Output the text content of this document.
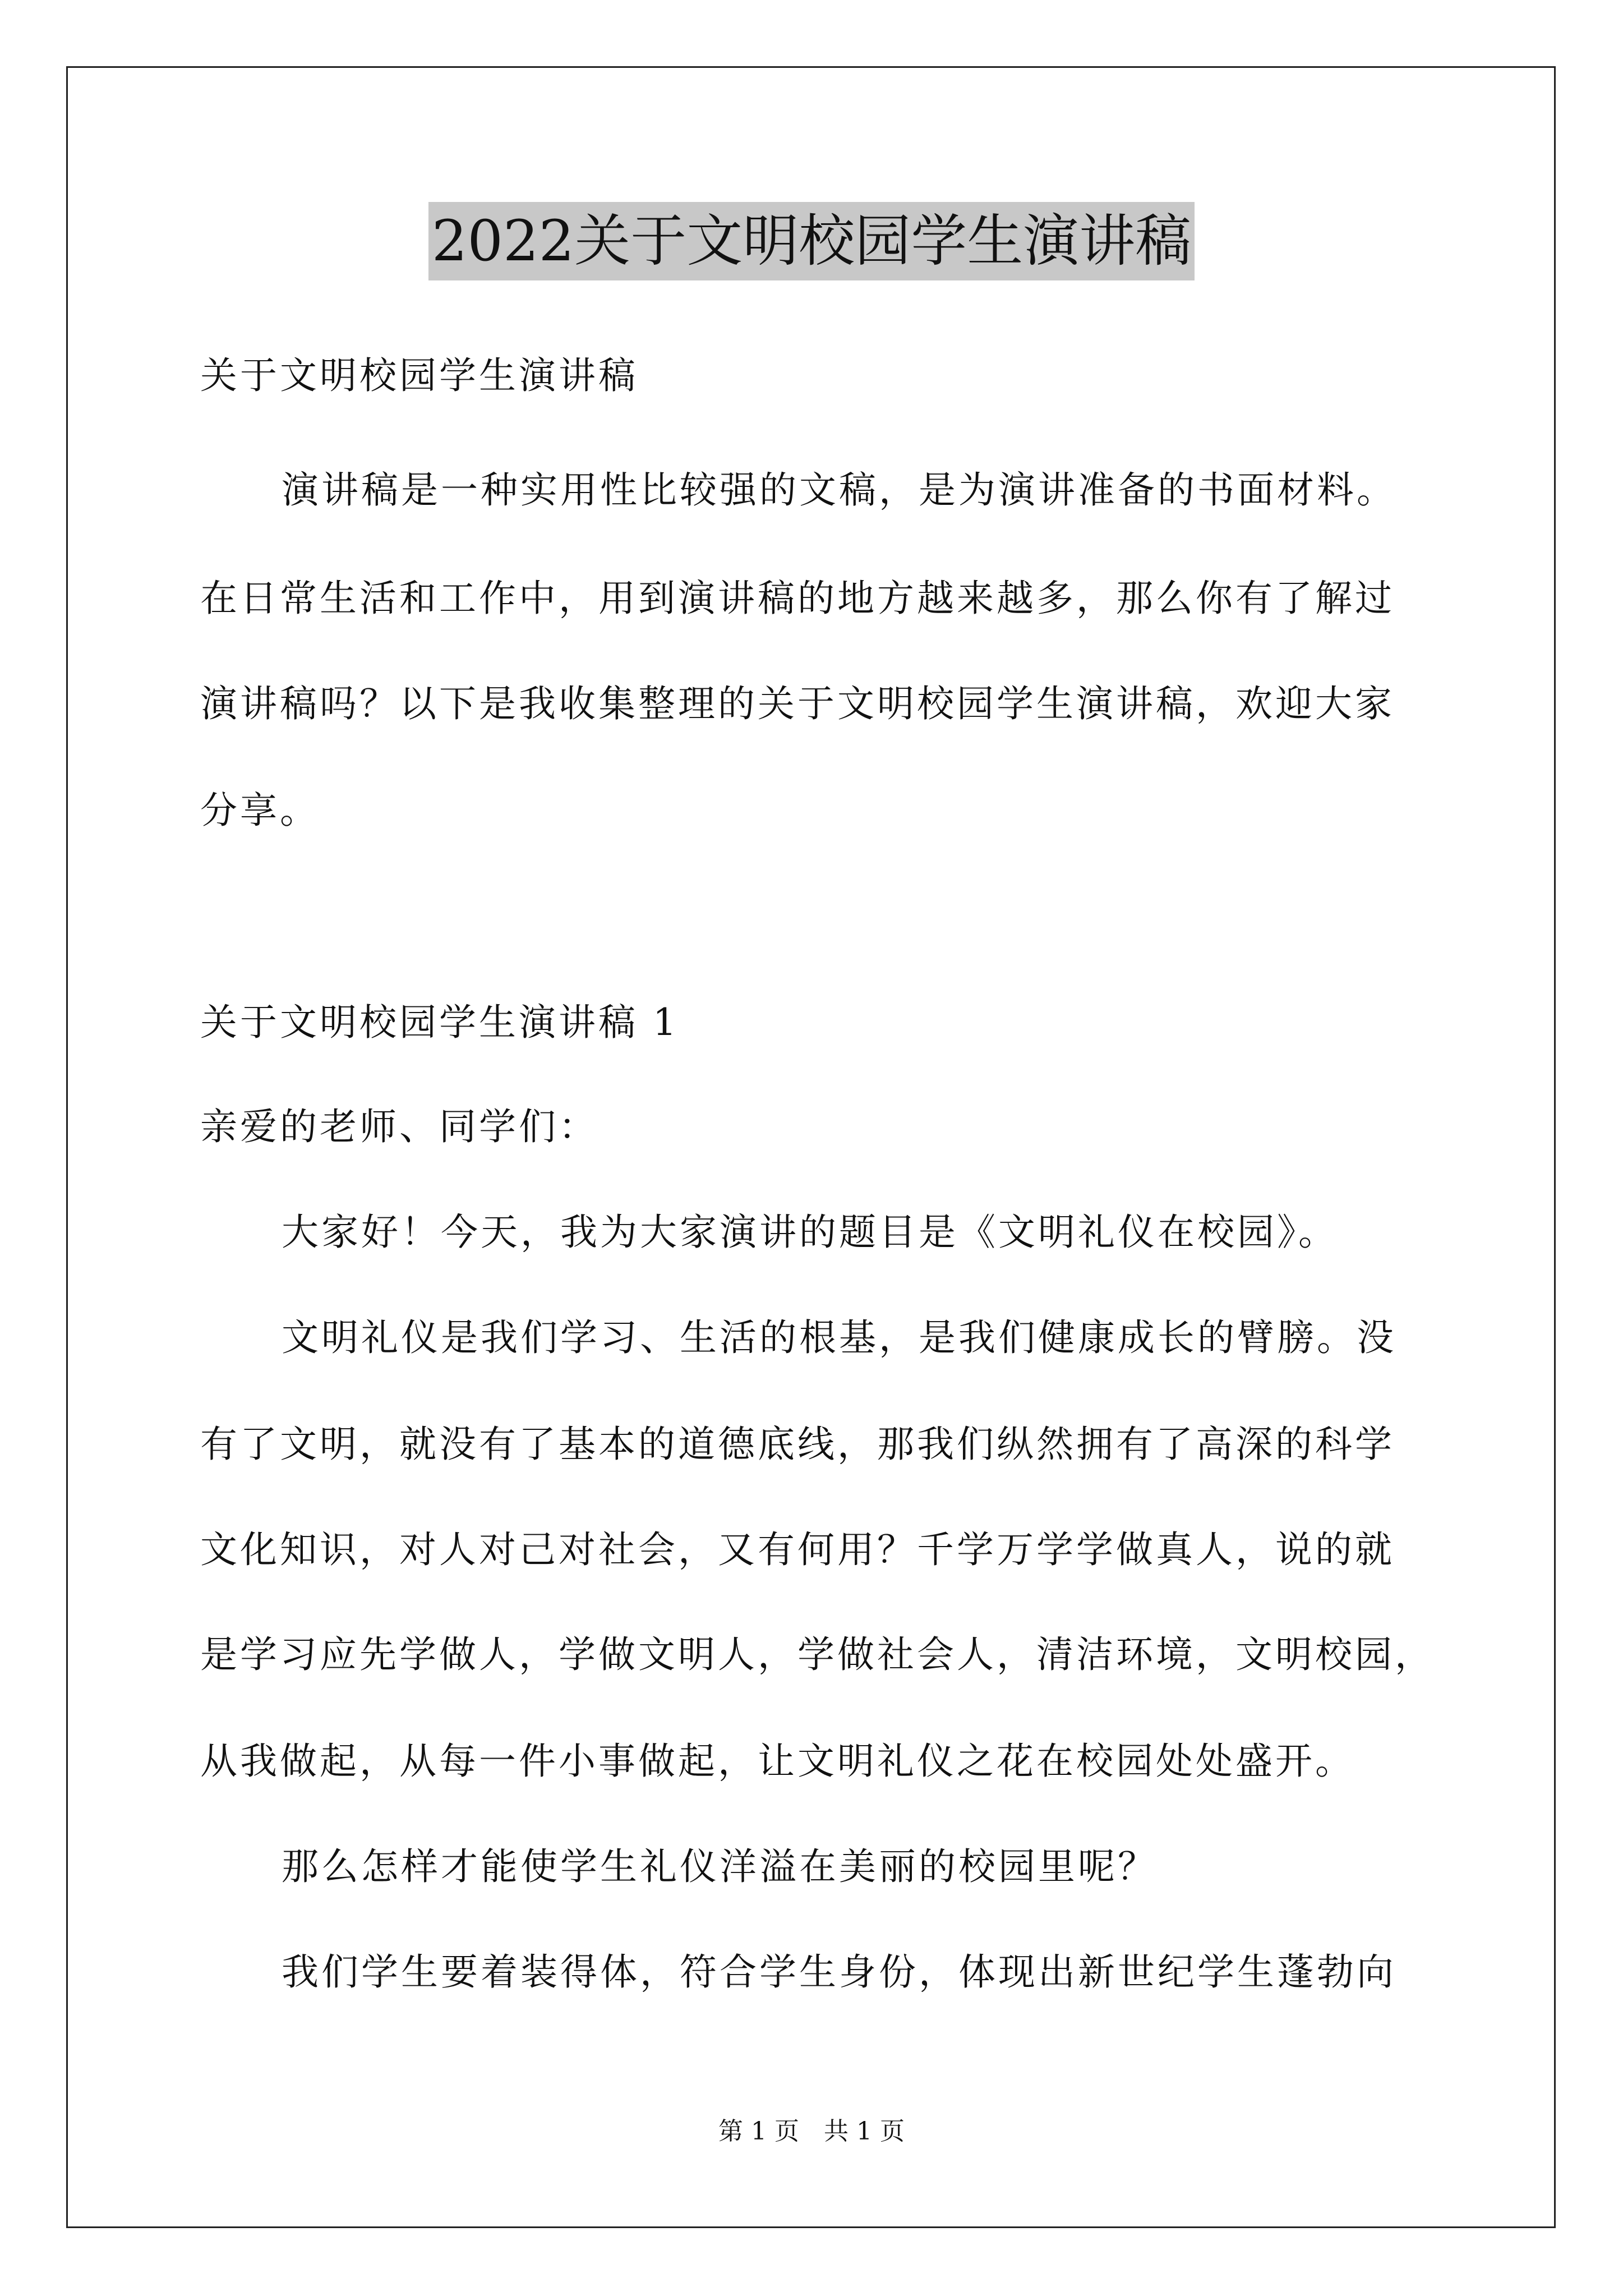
2022关于文明校园学生演讲稿
关于文明校园学生演讲稿
演讲稿是一种实用性比较强的文稿，是为演讲准备的书面材料。
在日常生活和工作中，用到演讲稿的地方越来越多，那么你有了解过
演讲稿吗？以下是我收集整理的关于文明校园学生演讲稿，欢迎大家
分享。
关于文明校园学生演讲稿 1
亲爱的老师、同学们：
大家好！今天，我为大家演讲的题目是《文明礼仪在校园》。
文明礼仪是我们学习、生活的根基，是我们健康成长的臂膀。没
有了文明，就没有了基本的道德底线，那我们纵然拥有了高深的科学
文化知识，对人对己对社会，又有何用？千学万学学做真人，说的就
是学习应先学做人，学做文明人，学做社会人，清洁环境，文明校园，
从我做起，从每一件小事做起，让文明礼仪之花在校园处处盛开。
那么怎样才能使学生礼仪洋溢在美丽的校园里呢？
我们学生要着装得体，符合学生身份，体现出新世纪学生蓬勃向
第 1 页 共 1 页
